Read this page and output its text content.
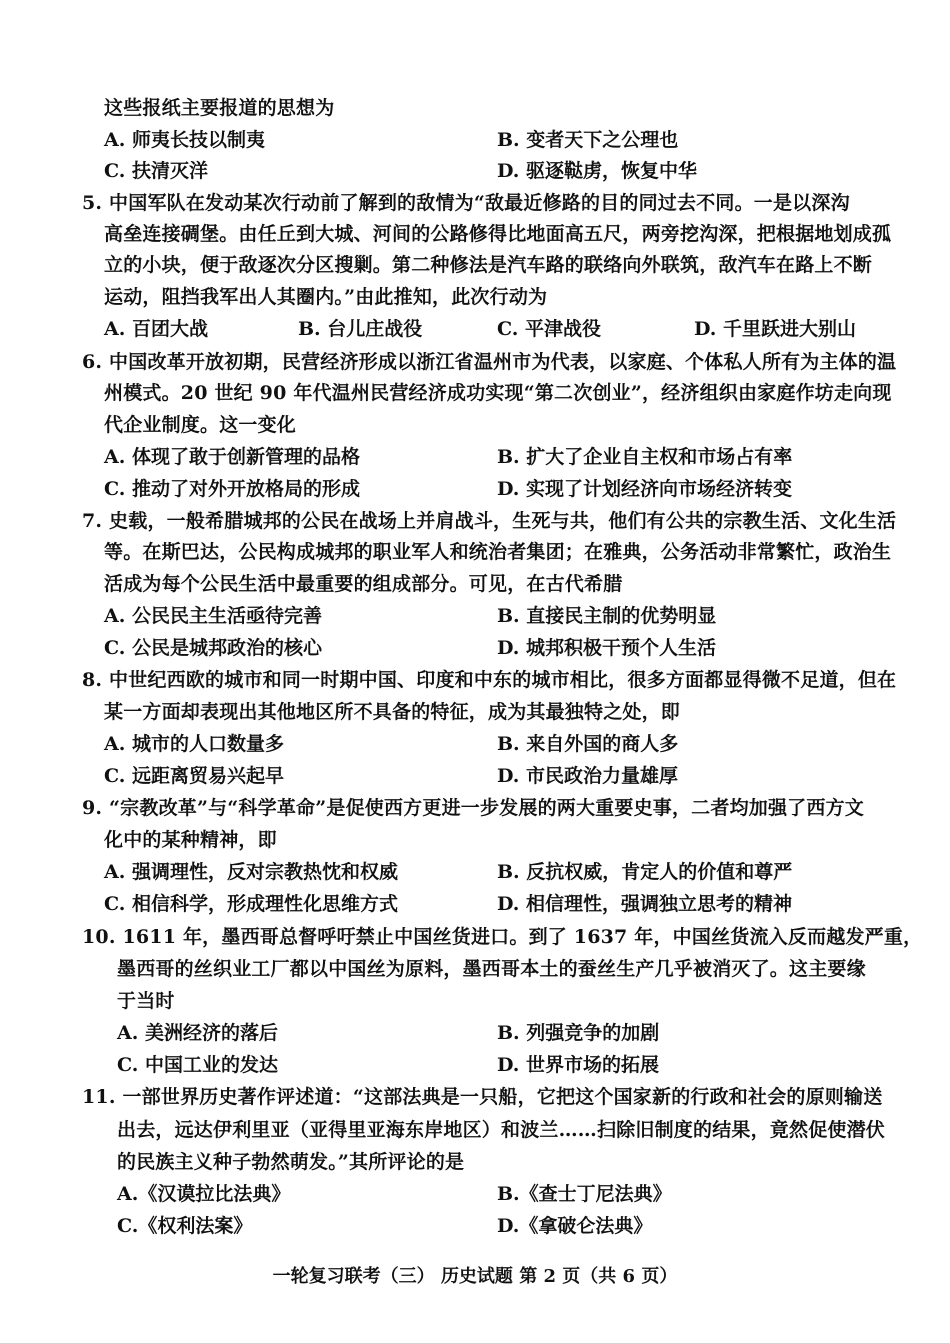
这些报纸主要报道的思想为
A. 师夷长技以制夷	B. 变者天下之公理也
C. 扶清灭洋	D. 驱逐鞑虏，恢复中华
5. 中国军队在发动某次行动前了解到的敌情为“敌最近修路的目的同过去不同。一是以深沟
高垒连接碉堡。由任丘到大城、河间的公路修得比地面高五尺，两旁挖沟深，把根据地划成孤
立的小块，便于敌逐次分区搜剿。第二种修法是汽车路的联络向外联筑，敌汽车在路上不断
运动，阻挡我军出人其圈内。”由此推知，此次行动为
A. 百团大战	B. 台儿庄战役	C. 平津战役	D. 千里跃进大别山
6. 中国改革开放初期，民营经济形成以浙江省温州市为代表，以家庭、个体私人所有为主体的温
州模式。20 世纪 90 年代温州民营经济成功实现“第二次创业”，经济组织由家庭作坊走向现
代企业制度。这一变化
A. 体现了敢于创新管理的品格	B. 扩大了企业自主权和市场占有率
C. 推动了对外开放格局的形成	D. 实现了计划经济向市场经济转变
7. 史载，一般希腊城邦的公民在战场上并肩战斗，生死与共，他们有公共的宗教生活、文化生活
等。在斯巴达，公民构成城邦的职业军人和统治者集团；在雅典，公务活动非常繁忙，政治生
活成为每个公民生活中最重要的组成部分。可见，在古代希腊
A. 公民民主生活亟待完善	B. 直接民主制的优势明显
C. 公民是城邦政治的核心	D. 城邦积极干预个人生活
8. 中世纪西欧的城市和同一时期中国、印度和中东的城市相比，很多方面都显得微不足道，但在
某一方面却表现出其他地区所不具备的特征，成为其最独特之处，即
A. 城市的人口数量多	B. 来自外国的商人多
C. 远距离贸易兴起早	D. 市民政治力量雄厚
9. “宗教改革”与“科学革命”是促使西方更进一步发展的两大重要史事，二者均加强了西方文
化中的某种精神，即
A. 强调理性，反对宗教热忱和权威	B. 反抗权威，肯定人的价值和尊严
C. 相信科学，形成理性化思维方式	D. 相信理性，强调独立思考的精神
10. 1611 年，墨西哥总督呼吁禁止中国丝货进口。到了 1637 年，中国丝货流入反而越发严重，
墨西哥的丝织业工厂都以中国丝为原料，墨西哥本土的蚕丝生产几乎被消灭了。这主要缘
于当时
A. 美洲经济的落后	B. 列强竞争的加剧
C. 中国工业的发达	D. 世界市场的拓展
11. 一部世界历史著作评述道：“这部法典是一只船，它把这个国家新的行政和社会的原则输送
出去，远达伊利里亚（亚得里亚海东岸地区）和波兰……扫除旧制度的结果，竟然促使潜伏
的民族主义种子勃然萌发。”其所评论的是
A.《汉谟拉比法典》	B.《查士丁尼法典》
C.《权利法案》	D.《拿破仑法典》
一轮复习联考（三） 历史试题 第 2 页（共 6 页）
